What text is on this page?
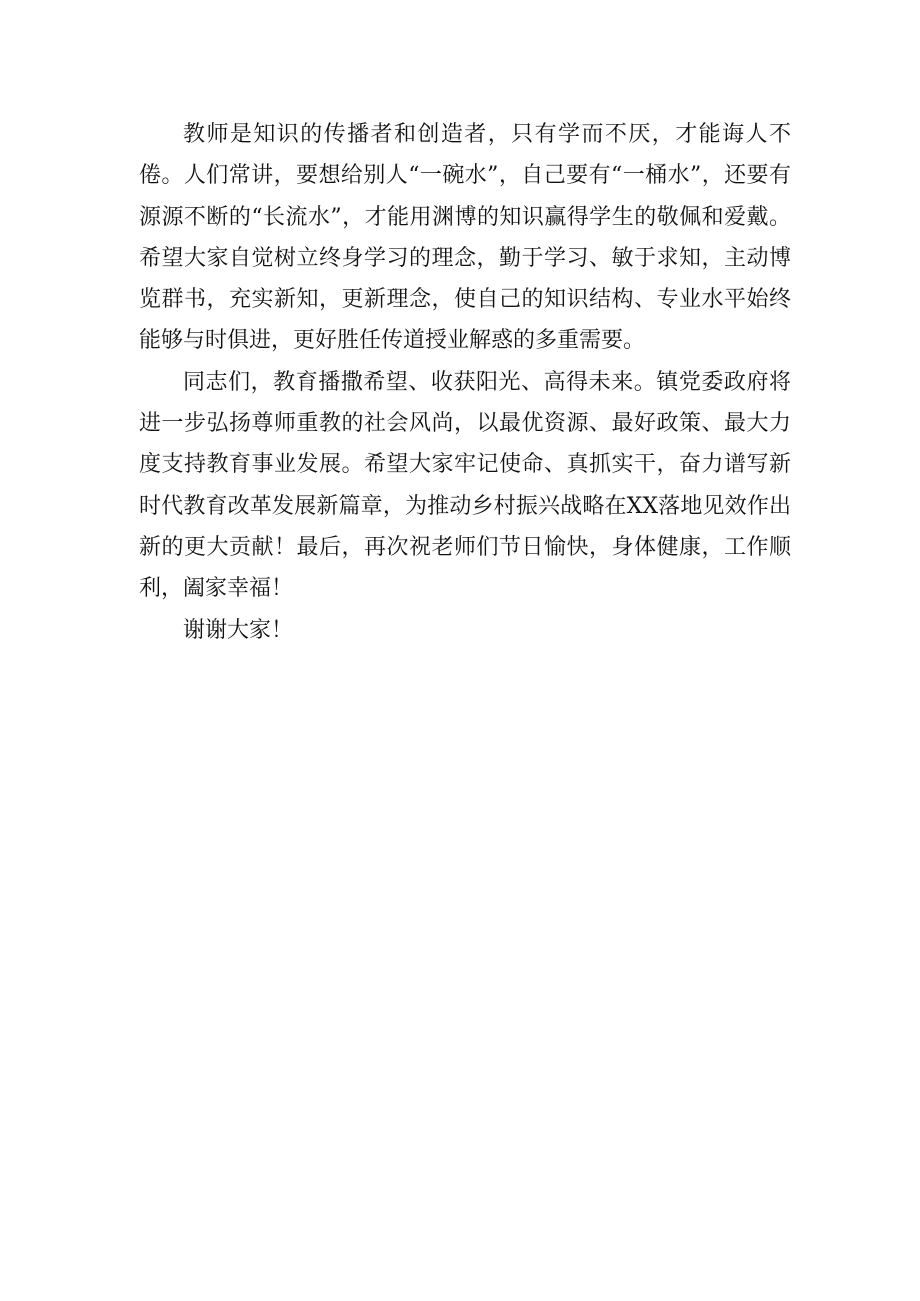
教师是知识的传播者和创造者，只有学而不厌，才能诲人不倦。人们常讲，要想给别人“一碗水”，自己要有“一桶水”，还要有源源不断的“长流水”，才能用渊博的知识赢得学生的敬佩和爱戴。希望大家自觉树立终身学习的理念，勤于学习、敏于求知，主动博览群书，充实新知，更新理念，使自己的知识结构、专业水平始终能够与时俱进，更好胜任传道授业解惑的多重需要。

同志们，教育播撒希望、收获阳光、高得未来。镇党委政府将进一步弘扬尊师重教的社会风尚，以最优资源、最好政策、最大力度支持教育事业发展。希望大家牢记使命、真抓实干，奋力谱写新时代教育改革发展新篇章，为推动乡村振兴战略在XX落地见效作出新的更大贡献！最后，再次祝老师们节日愉快，身体健康，工作顺利，阖家幸福！

谢谢大家！
